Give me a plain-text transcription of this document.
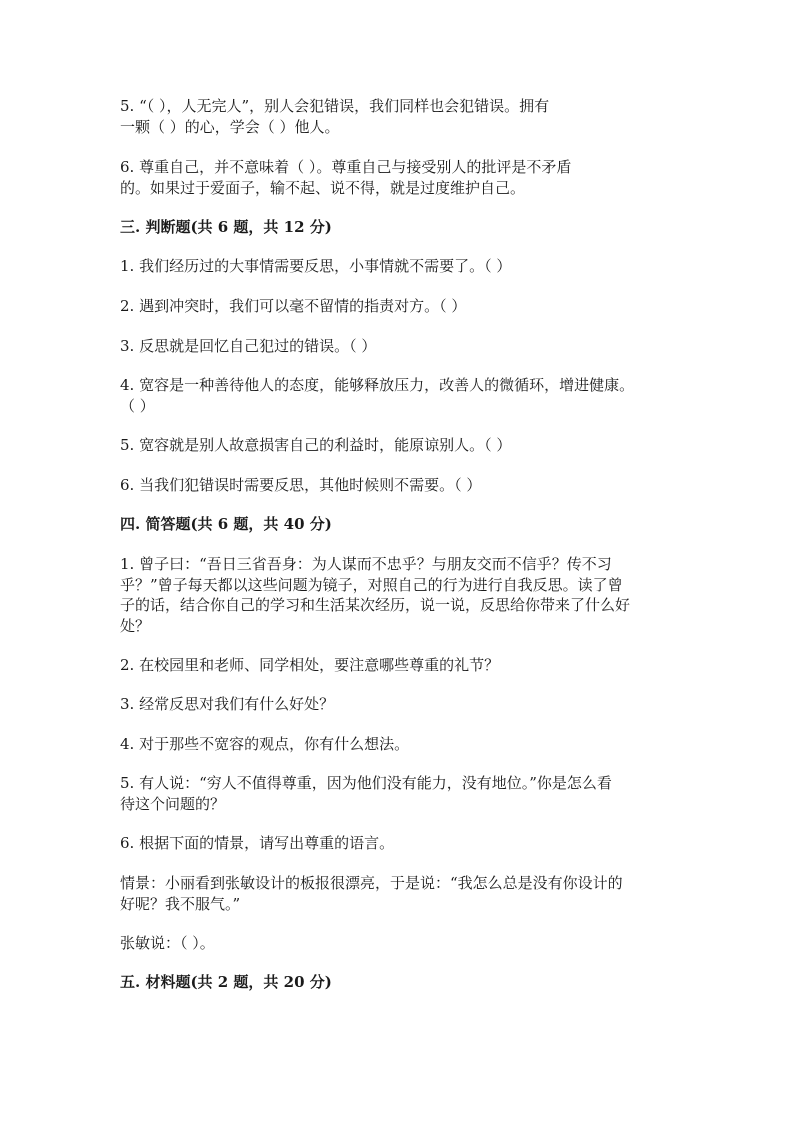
5. “（ ），人无完人”，别人会犯错误，我们同样也会犯错误。拥有
一颗（ ）的心，学会（ ）他人。
6. 尊重自己，并不意味着（ ）。尊重自己与接受别人的批评是不矛盾
的。如果过于爱面子，输不起、说不得，就是过度维护自己。
三. 判断题(共 6 题，共 12 分)
1. 我们经历过的大事情需要反思，小事情就不需要了。（ ）
2. 遇到冲突时，我们可以毫不留情的指责对方。（ ）
3. 反思就是回忆自己犯过的错误。（ ）
4. 宽容是一种善待他人的态度，能够释放压力，改善人的微循环，增进健康。
（ ）
5. 宽容就是别人故意损害自己的利益时，能原谅别人。（ ）
6. 当我们犯错误时需要反思，其他时候则不需要。（ ）
四. 简答题(共 6 题，共 40 分)
1. 曾子曰：“吾日三省吾身：为人谋而不忠乎？与朋友交而不信乎？传不习
乎？”曾子每天都以这些问题为镜子，对照自己的行为进行自我反思。读了曾
子的话，结合你自己的学习和生活某次经历，说一说，反思给你带来了什么好
处？
2. 在校园里和老师、同学相处，要注意哪些尊重的礼节？
3. 经常反思对我们有什么好处？
4. 对于那些不宽容的观点，你有什么想法。
5. 有人说：“穷人不值得尊重，因为他们没有能力，没有地位。”你是怎么看
待这个问题的？
6. 根据下面的情景，请写出尊重的语言。
情景：小丽看到张敏设计的板报很漂亮，于是说：“我怎么总是没有你设计的
好呢？我不服气。”
张敏说：（ ）。
五. 材料题(共 2 题，共 20 分)
